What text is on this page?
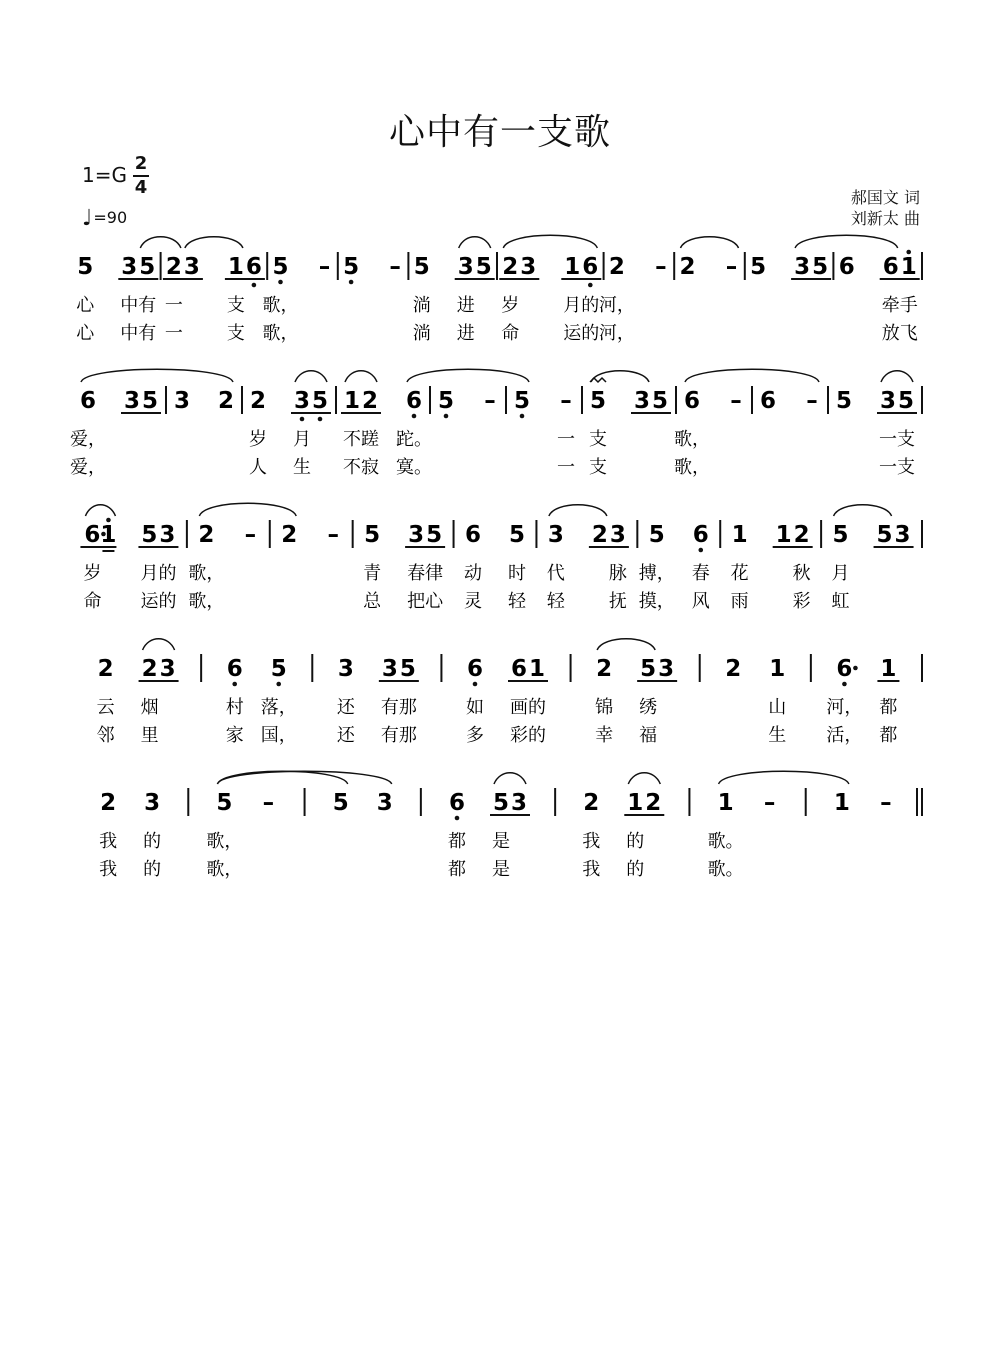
心中有一支歌
1=G 2
4
♩=90
郝国文 词
刘新太 曲
5 3 5 2 3 1 6 5 – 5 – 5 3 5 2 3 1 6 2 – 2 – 5 3 5 6 6 1
心 中 有 一 支 歌，	淌 进 岁 月 的 河，	牵 手
心 中 有 一 支 歌，	淌 进 命 运 的 河，	放 飞
6 3 5 3 2 2 3 5 1 2 6 5 – 5 – 5 3 5 6 – 6 – 5 3 5
爱，	岁 月 不 蹉 跎。	一 支	歌，	一 支
爱，	人 生 不 寂 寞。	一 支	歌，	一 支
6 1 5 3 2 – 2 – 5 3 5 6 5 3 2 3 5 6 1 1 2 5 5 3
岁 月 的 歌，	青 春 律 动 时 代 脉 搏， 春 花 秋 月
命 运 的 歌，	总 把 心 灵 轻 轻 抚 摸， 风 雨 彩 虹
2 2 3 6 5 3 3 5 6 6 1 2 5 3 2 1 6 1
云 烟	村 落， 还 有 那	如 画 的	锦 绣	山 河， 都
邻 里	家 国， 还 有 那	多 彩 的	幸 福	生 活， 都
2 3 5 –	5 3 6 5 3 2 1 2 1 –	1 –
我 的	歌，	都 是	我 的	歌。
我 的	歌，	都 是	我 的	歌。
